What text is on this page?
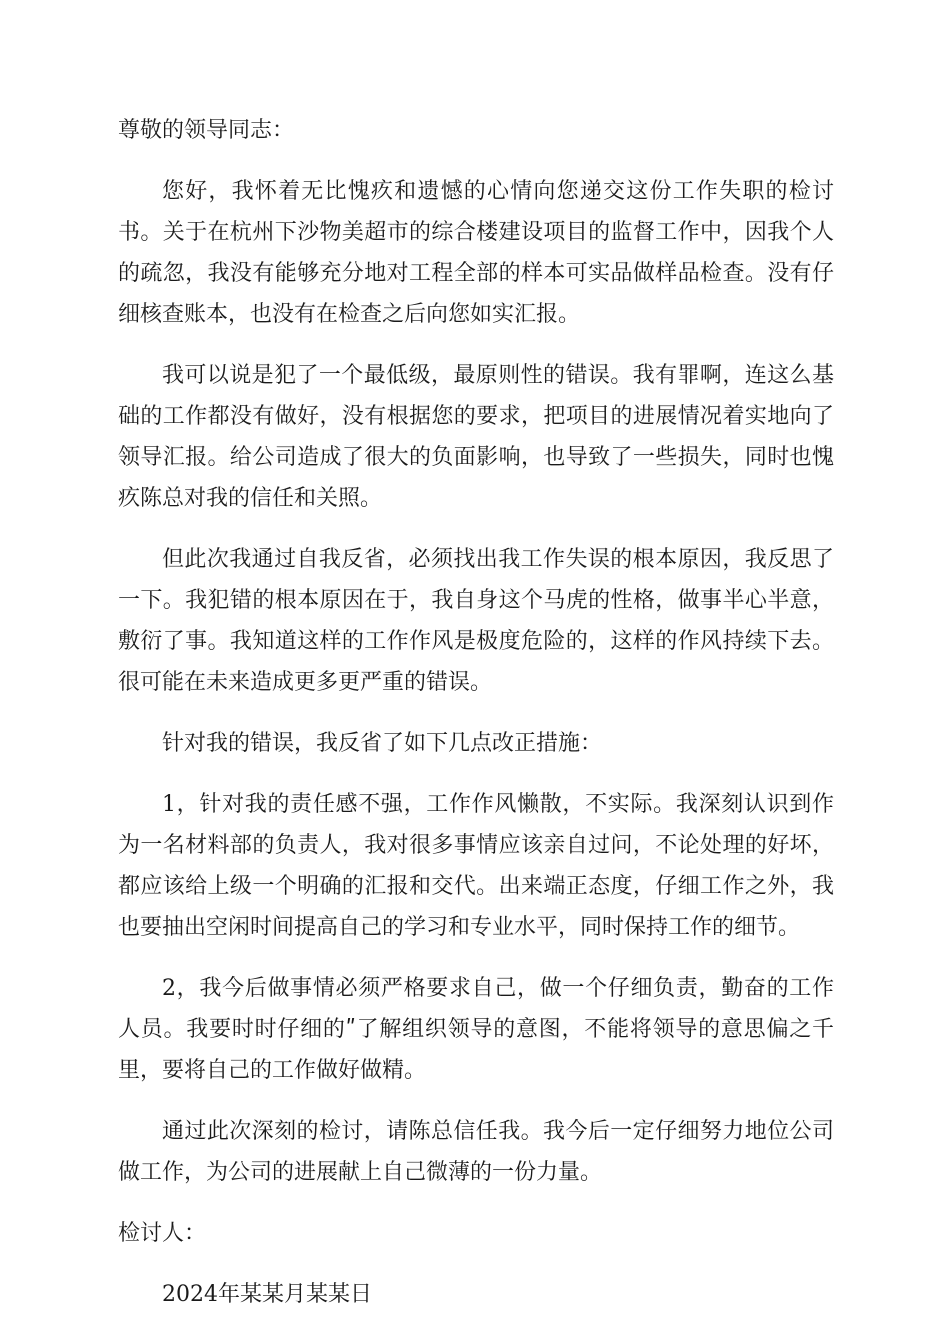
尊敬的领导同志：

您好，我怀着无比愧疚和遗憾的心情向您递交这份工作失职的检讨书。关于在杭州下沙物美超市的综合楼建设项目的监督工作中，因我个人的疏忽，我没有能够充分地对工程全部的样本可实品做样品检查。没有仔细核查账本，也没有在检查之后向您如实汇报。

我可以说是犯了一个最低级，最原则性的错误。我有罪啊，连这么基础的工作都没有做好，没有根据您的要求，把项目的进展情况着实地向了领导汇报。给公司造成了很大的负面影响，也导致了一些损失，同时也愧疚陈总对我的信任和关照。

但此次我通过自我反省，必须找出我工作失误的根本原因，我反思了一下。我犯错的根本原因在于，我自身这个马虎的性格，做事半心半意，敷衍了事。我知道这样的工作作风是极度危险的，这样的作风持续下去。很可能在未来造成更多更严重的错误。

针对我的错误，我反省了如下几点改正措施：

1，针对我的责任感不强，工作作风懒散，不实际。我深刻认识到作为一名材料部的负责人，我对很多事情应该亲自过问，不论处理的好坏，都应该给上级一个明确的汇报和交代。出来端正态度，仔细工作之外，我也要抽出空闲时间提高自己的学习和专业水平，同时保持工作的细节。

2，我今后做事情必须严格要求自己，做一个仔细负责，勤奋的工作人员。我要时时仔细的ʺ了解组织领导的意图，不能将领导的意思偏之千里，要将自己的工作做好做精。

通过此次深刻的检讨，请陈总信任我。我今后一定仔细努力地位公司做工作，为公司的进展献上自己微薄的一份力量。

检讨人：

2024年某某月某某日
